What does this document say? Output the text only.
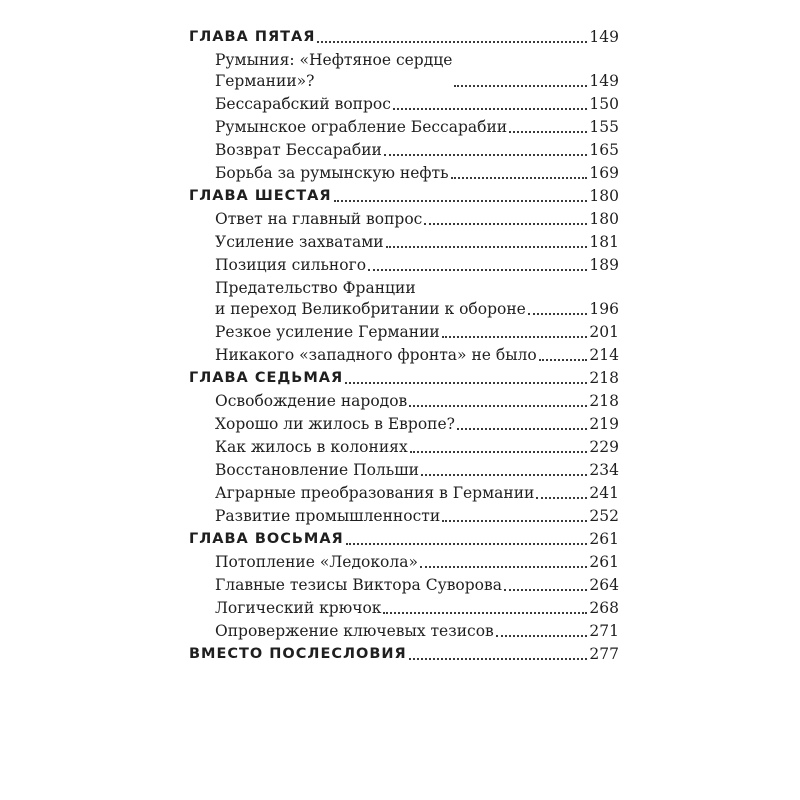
ГЛАВА ПЯТАЯ	149
Румыния: «Нефтяное сердце
Германии»?	149
Бессарабский вопрос	150
Румынское ограбление Бессарабии	155
Возврат Бессарабии	165
Борьба за румынскую нефть	169
ГЛАВА ШЕСТАЯ	180
Ответ на главный вопрос	180
Усиление захватами	181
Позиция сильного	189
Предательство Франции
и переход Великобритании к обороне	196
Резкое усиление Германии	201
Никакого «западного фронта» не было	214
ГЛАВА СЕДЬМАЯ	218
Освобождение народов	218
Хорошо ли жилось в Европе?	219
Как жилось в колониях	229
Восстановление Польши	234
Аграрные преобразования в Германии	241
Развитие промышленности	252
ГЛАВА ВОСЬМАЯ	261
Потопление «Ледокола»	261
Главные тезисы Виктора Суворова	264
Логический крючок	268
Опровержение ключевых тезисов	271
ВМЕСТО ПОСЛЕСЛОВИЯ	277
